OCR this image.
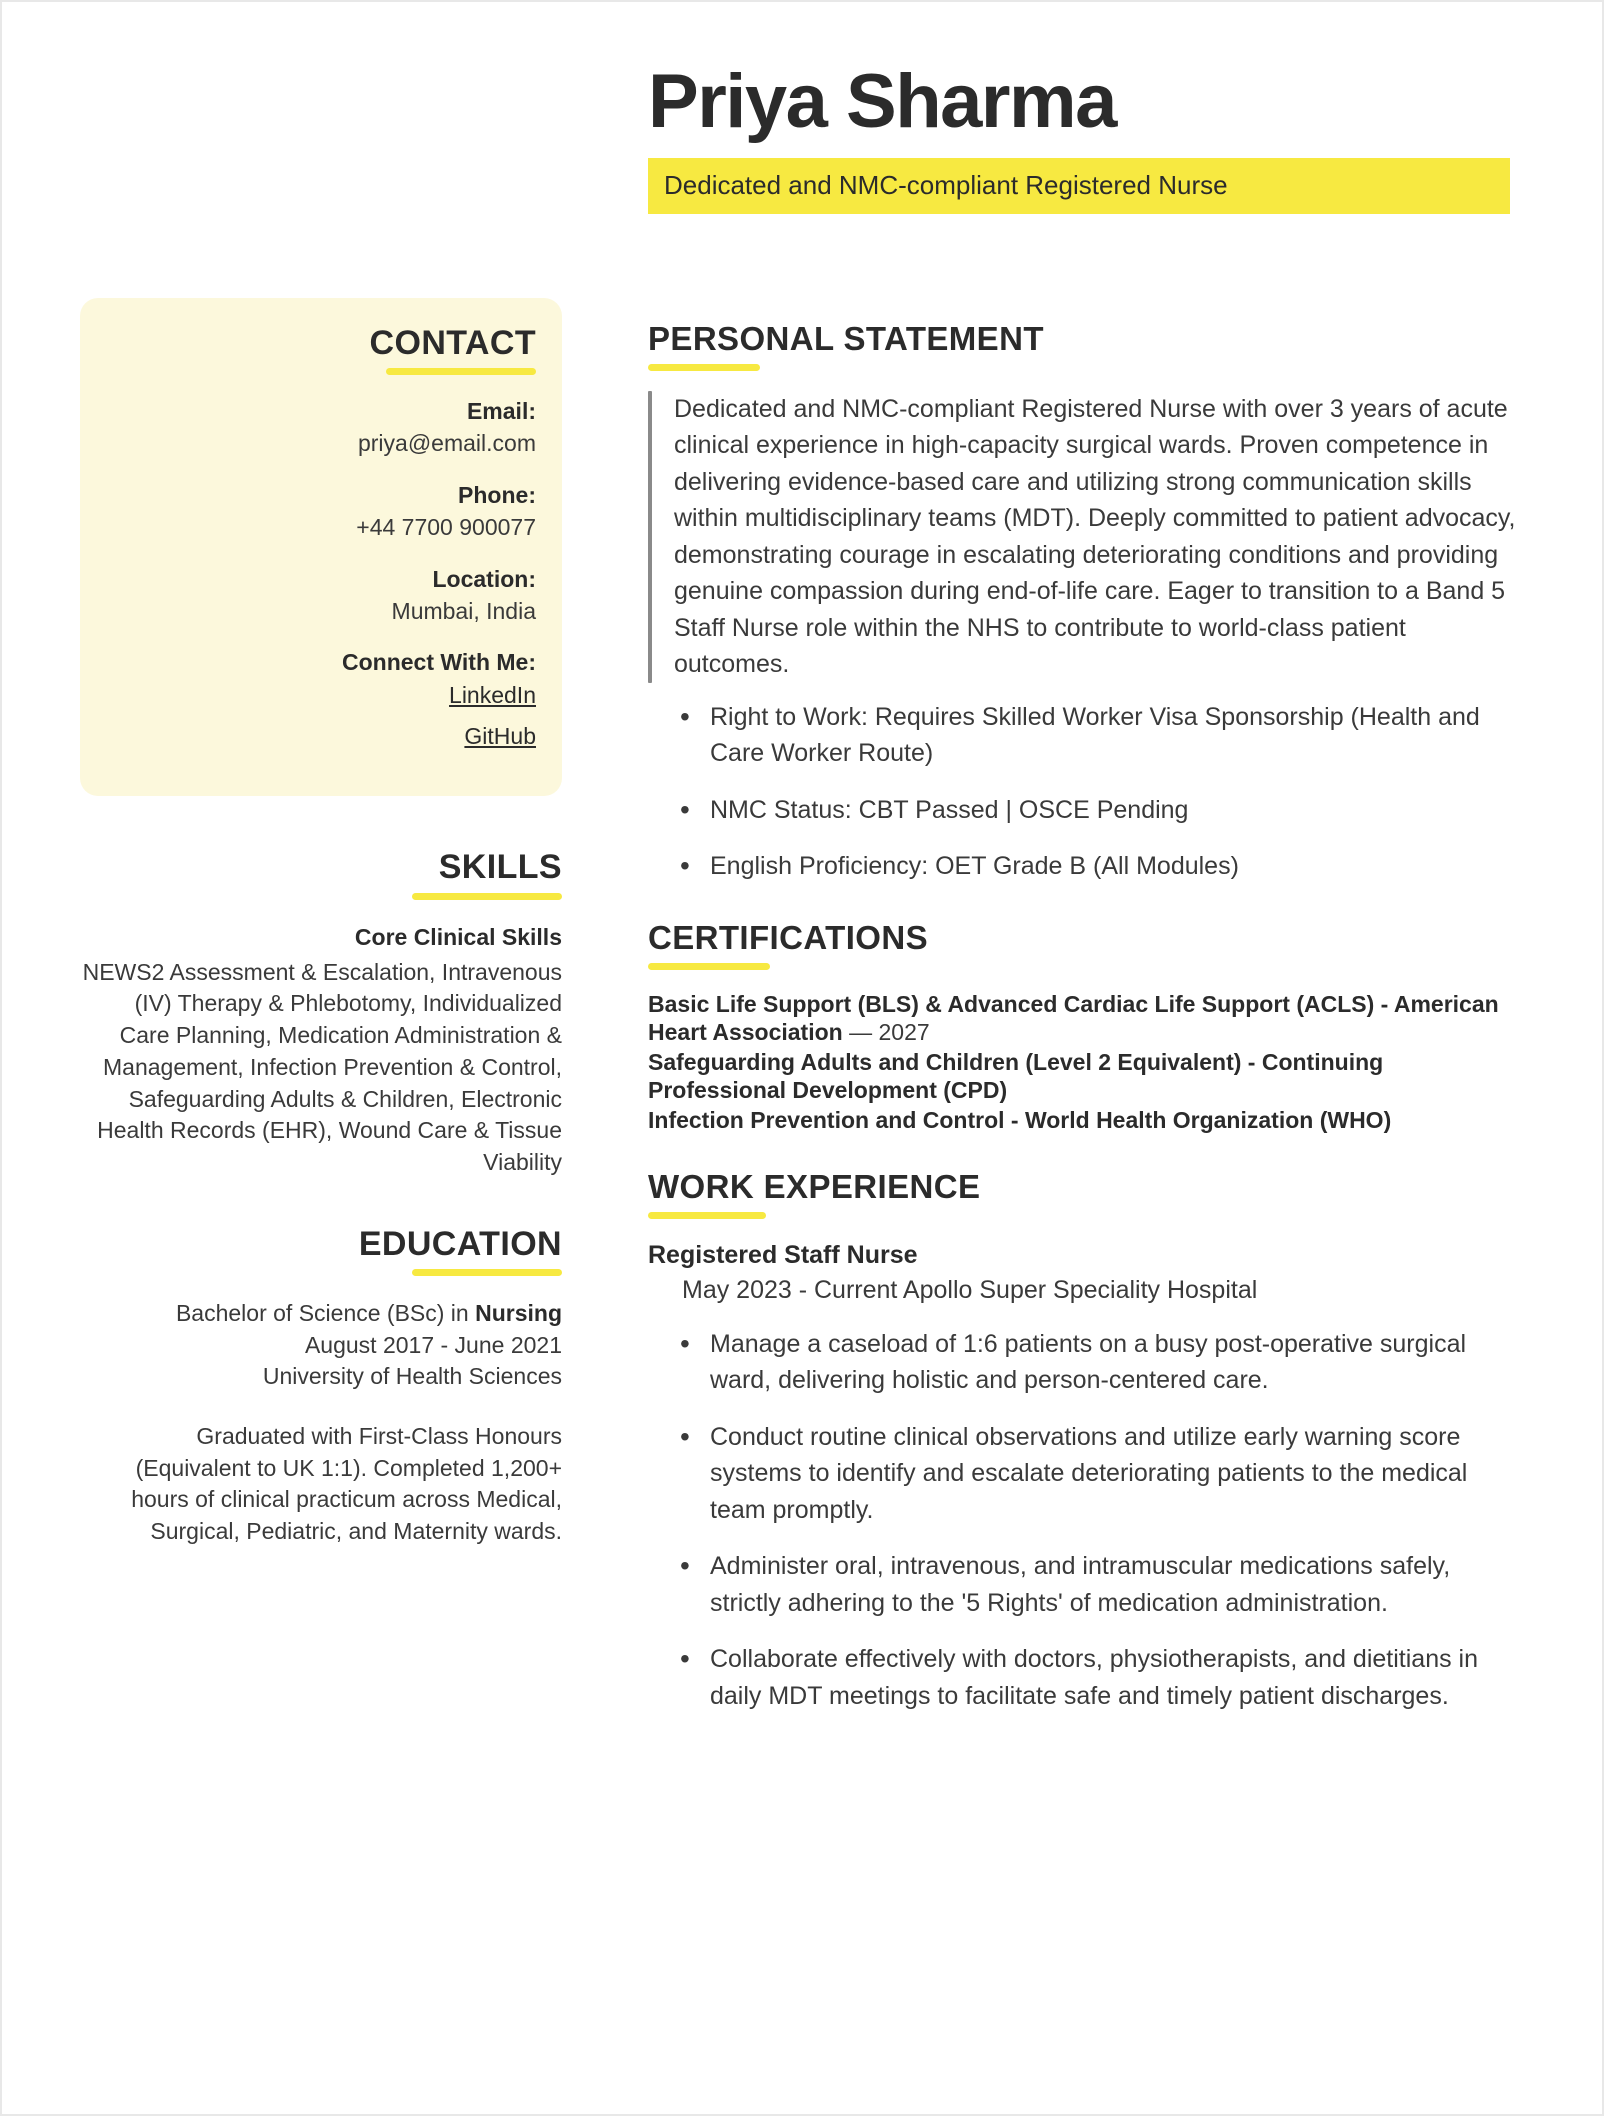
Priya Sharma

Dedicated and NMC-compliant Registered Nurse

CONTACT

Email:

priya@email.com

Phone:

+44 7700 900077

Location:

Mumbai, India

Connect With Me:

LinkedIn
GitHub
SKILLS

Core Clinical Skills

NEWS2 Assessment & Escalation, Intravenous (IV) Therapy & Phlebotomy, Individualized Care Planning, Medication Administration & Management, Infection Prevention & Control, Safeguarding Adults & Children, Electronic Health Records (EHR), Wound Care & Tissue Viability

EDUCATION

Bachelor of Science (BSc) in Nursing

August 2017 - June 2021

University of Health Sciences

Graduated with First-Class Honours (Equivalent to UK 1:1). Completed 1,200+ hours of clinical practicum across Medical, Surgical, Pediatric, and Maternity wards.

PERSONAL STATEMENT

Dedicated and NMC-compliant Registered Nurse with over 3 years of acute clinical experience in high-capacity surgical wards. Proven competence in delivering evidence-based care and utilizing strong communication skills within multidisciplinary teams (MDT). Deeply committed to patient advocacy, demonstrating courage in escalating deteriorating conditions and providing genuine compassion during end-of-life care. Eager to transition to a Band 5 Staff Nurse role within the NHS to contribute to world-class patient outcomes.

• Right to Work: Requires Skilled Worker Visa Sponsorship (Health and Care Worker Route)
• NMC Status: CBT Passed | OSCE Pending
• English Proficiency: OET Grade B (All Modules)
CERTIFICATIONS

Basic Life Support (BLS) & Advanced Cardiac Life Support (ACLS) - American Heart Association — 2027

Safeguarding Adults and Children (Level 2 Equivalent) - Continuing Professional Development (CPD)

Infection Prevention and Control - World Health Organization (WHO)

WORK EXPERIENCE

Registered Staff Nurse

May 2023 - Current Apollo Super Speciality Hospital

• Manage a caseload of 1:6 patients on a busy post-operative surgical ward, delivering holistic and person-centered care.
• Conduct routine clinical observations and utilize early warning score systems to identify and escalate deteriorating patients to the medical team promptly.
• Administer oral, intravenous, and intramuscular medications safely, strictly adhering to the '5 Rights' of medication administration.
• Collaborate effectively with doctors, physiotherapists, and dietitians in daily MDT meetings to facilitate safe and timely patient discharges.
